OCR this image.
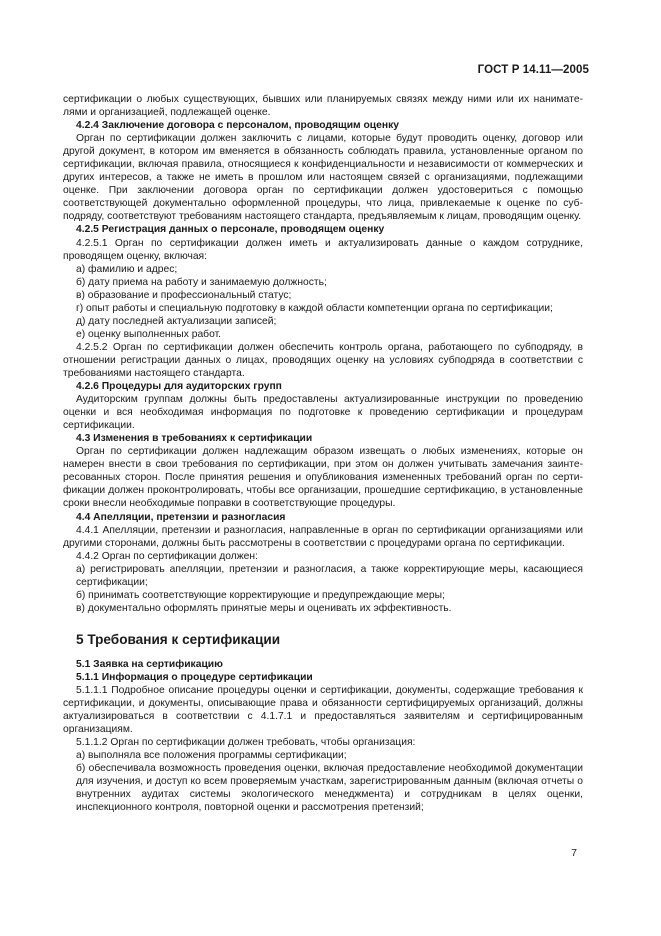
ГОСТ Р 14.11—2005

сертификации о любых существующих, бывших или планируемых связях между ними или их наниматeлями и организацией, подлежащей оценке.

4.2.4 Заключение договора с персоналом, проводящим оценку

Орган по сертификации должен заключить с лицами, которые будут проводить оценку, договор или другой документ, в котором им вменяется в обязанность соблюдать правила, установленные органом по сертификации, включая правила, относящиеся к конфиденциальности и независимости от коммерческих и других интересов, а также не иметь в прошлом или настоящем связей с организациями, подлежащими оценке. При заключении договора орган по сертификации должен удостовериться с помощью соответствующей документально оформленной процедуры, что лица, привлекаемые к оценке по субподряду, соответствуют требованиям настоящего стандарта, предъявляемым к лицам, проводящим оценку.

4.2.5 Регистрация данных о персонале, проводящем оценку

4.2.5.1 Орган по сертификации должен иметь и актуализировать данные о каждом сотруднике, проводящем оценку, включая:

а) фамилию и адрес;

б) дату приема на работу и занимаемую должность;

в) образование и профессиональный статус;

г) опыт работы и специальную подготовку в каждой области компетенции органа по сертификации;

д) дату последней актуализации записей;

е) оценку выполненных работ.

4.2.5.2 Орган по сертификации должен обеспечить контроль органа, работающего по субподряду, в отношении регистрации данных о лицах, проводящих оценку на условиях субподряда в соответствии с требованиями настоящего стандарта.

4.2.6 Процедуры для аудиторских групп

Аудиторским группам должны быть предоставлены актуализированные инструкции по проведению оценки и вся необходимая информация по подготовке к проведению сертификации и процедурам сертификации.

4.3 Изменения в требованиях к сертификации

Орган по сертификации должен надлежащим образом извещать о любых изменениях, которые он намерен внести в свои требования по сертификации, при этом он должен учитывать замечания заинтересованных сторон. После принятия решения и опубликования измененных требований орган по сертификации должен проконтролировать, чтобы все организации, прошедшие сертификацию, в установленные сроки внесли необходимые поправки в соответствующие процедуры.

4.4 Апелляции, претензии и разногласия

4.4.1 Апелляции, претензии и разногласия, направленные в орган по сертификации организациями или другими сторонами, должны быть рассмотрены в соответствии с процедурами органа по сертификации.

4.4.2 Орган по сертификации должен:

а) регистрировать апелляции, претензии и разногласия, а также корректирующие меры, касающиеся сертификации;

б) принимать соответствующие корректирующие и предупреждающие меры;

в) документально оформлять принятые меры и оценивать их эффективность.

5 Требования к сертификации

5.1 Заявка на сертификацию

5.1.1 Информация о процедуре сертификации

5.1.1.1 Подробное описание процедуры оценки и сертификации, документы, содержащие требования к сертификации, и документы, описывающие права и обязанности сертифицируемых организаций, должны актуализироваться в соответствии с 4.1.7.1 и предоставляться заявителям и сертифицированным организациям.

5.1.1.2 Орган по сертификации должен требовать, чтобы организация:

а) выполняла все положения программы сертификации;

б) обеспечивала возможность проведения оценки, включая предоставление необходимой документации для изучения, и доступ ко всем проверяемым участкам, зарегистрированным данным (включая отчеты о внутренних аудитах системы экологического менеджмента) и сотрудникам в целях оценки, инспекционного контроля, повторной оценки и рассмотрения претензий;

7
